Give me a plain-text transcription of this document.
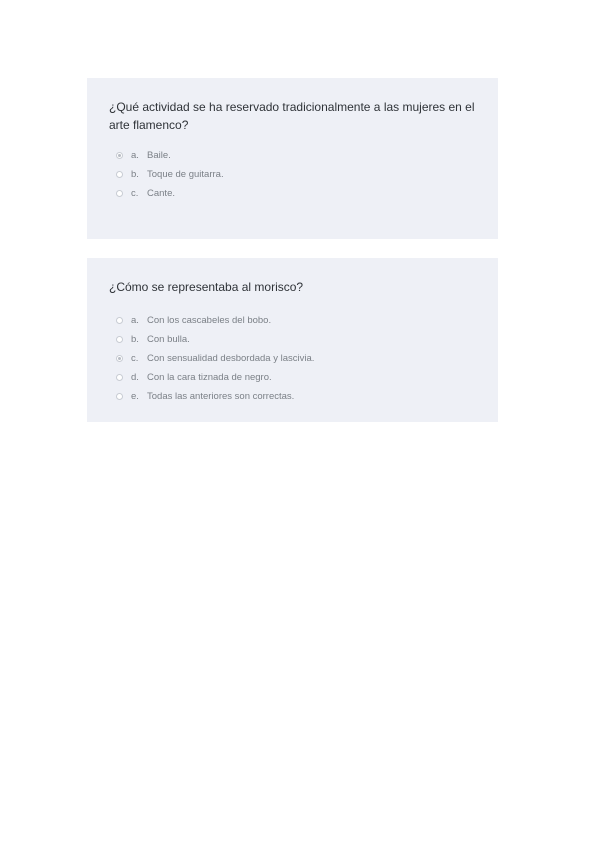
¿Qué actividad se ha reservado tradicionalmente a las mujeres en el arte flamenco?

a. Baile.
b. Toque de guitarra.
c. Cante.

¿Cómo se representaba al morisco?

a. Con los cascabeles del bobo.
b. Con bulla.
c. Con sensualidad desbordada y lascivia.
d. Con la cara tiznada de negro.
e. Todas las anteriores son correctas.
